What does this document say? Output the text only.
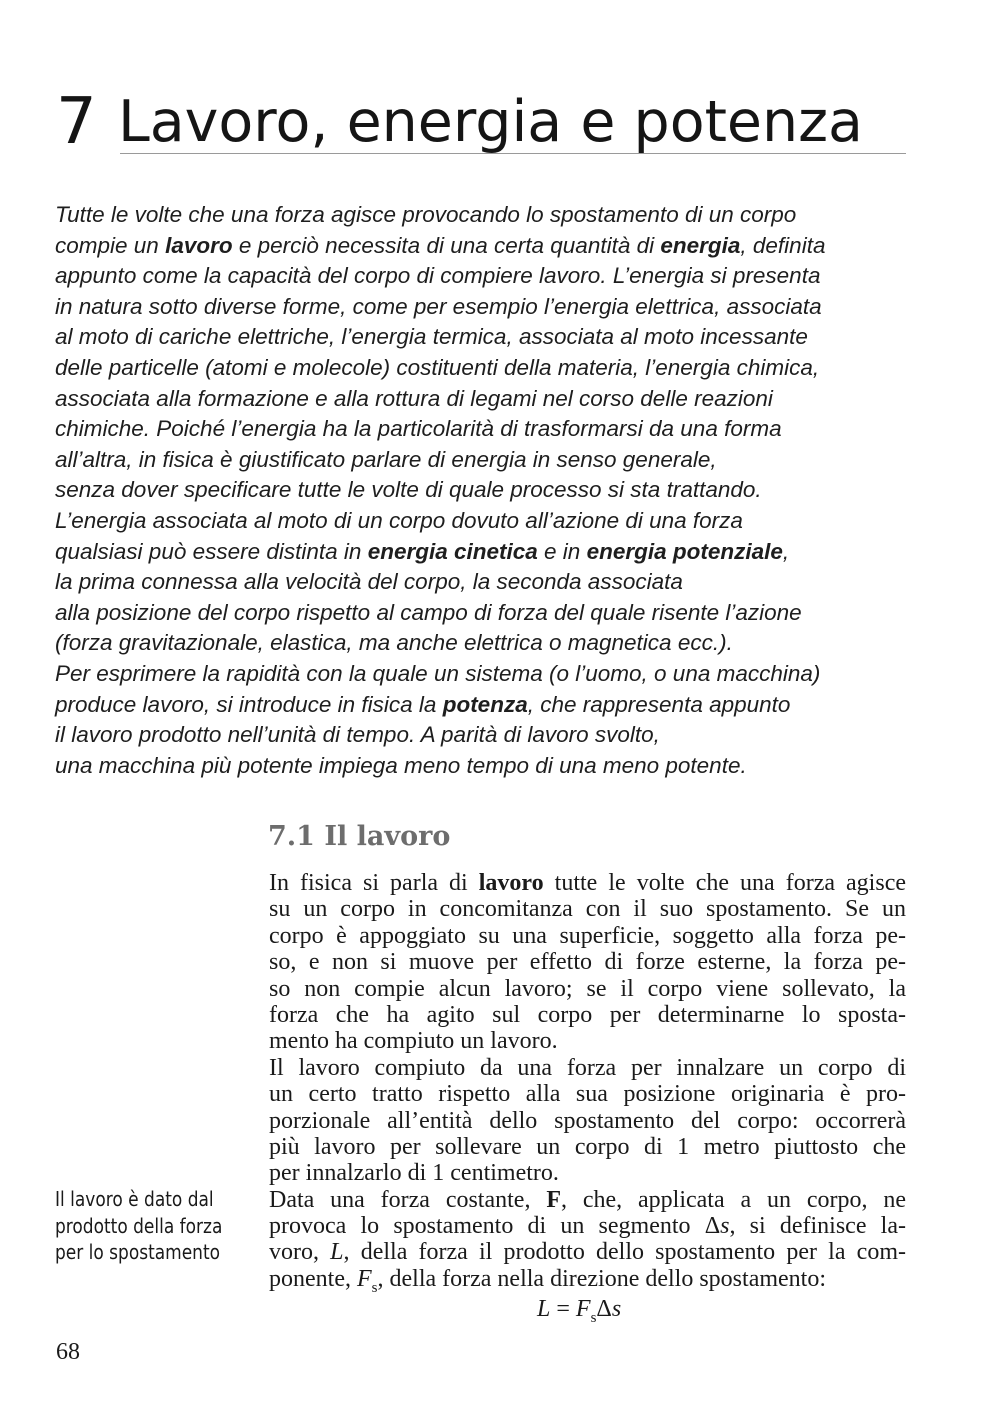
7 Lavoro, energia e potenza
Tutte le volte che una forza agisce provocando lo spostamento di un corpo
compie un lavoro e perciò necessita di una certa quantità di energia, definita
appunto come la capacità del corpo di compiere lavoro. L’energia si presenta
in natura sotto diverse forme, come per esempio l’energia elettrica, associata
al moto di cariche elettriche, l’energia termica, associata al moto incessante
delle particelle (atomi e molecole) costituenti della materia, l’energia chimica,
associata alla formazione e alla rottura di legami nel corso delle reazioni
chimiche. Poiché l’energia ha la particolarità di trasformarsi da una forma
all’altra, in fisica è giustificato parlare di energia in senso generale,
senza dover specificare tutte le volte di quale processo si sta trattando.
L’energia associata al moto di un corpo dovuto all’azione di una forza
qualsiasi può essere distinta in energia cinetica e in energia potenziale,
la prima connessa alla velocità del corpo, la seconda associata
alla posizione del corpo rispetto al campo di forza del quale risente l’azione
(forza gravitazionale, elastica, ma anche elettrica o magnetica ecc.).
Per esprimere la rapidità con la quale un sistema (o l’uomo, o una macchina)
produce lavoro, si introduce in fisica la potenza, che rappresenta appunto
il lavoro prodotto nell’unità di tempo. A parità di lavoro svolto,
una macchina più potente impiega meno tempo di una meno potente.
7.1 Il lavoro
In fisica si parla di lavoro tutte le volte che una forza agisce
su un corpo in concomitanza con il suo spostamento. Se un
corpo è appoggiato su una superficie, soggetto alla forza pe-
so, e non si muove per effetto di forze esterne, la forza pe-
so non compie alcun lavoro; se il corpo viene sollevato, la
forza che ha agito sul corpo per determinarne lo sposta-
mento ha compiuto un lavoro.
Il lavoro compiuto da una forza per innalzare un corpo di
un certo tratto rispetto alla sua posizione originaria è pro-
porzionale all’entità dello spostamento del corpo: occorrerà
più lavoro per sollevare un corpo di 1 metro piuttosto che
per innalzarlo di 1 centimetro.
Data una forza costante, F, che, applicata a un corpo, ne
provoca lo spostamento di un segmento Δs, si definisce la-
voro, L, della forza il prodotto dello spostamento per la com-
ponente, $F_s$, della forza nella direzione dello spostamento:
$L = F_s\Delta s$
Il lavoro è dato dal
prodotto della forza
per lo spostamento
68
